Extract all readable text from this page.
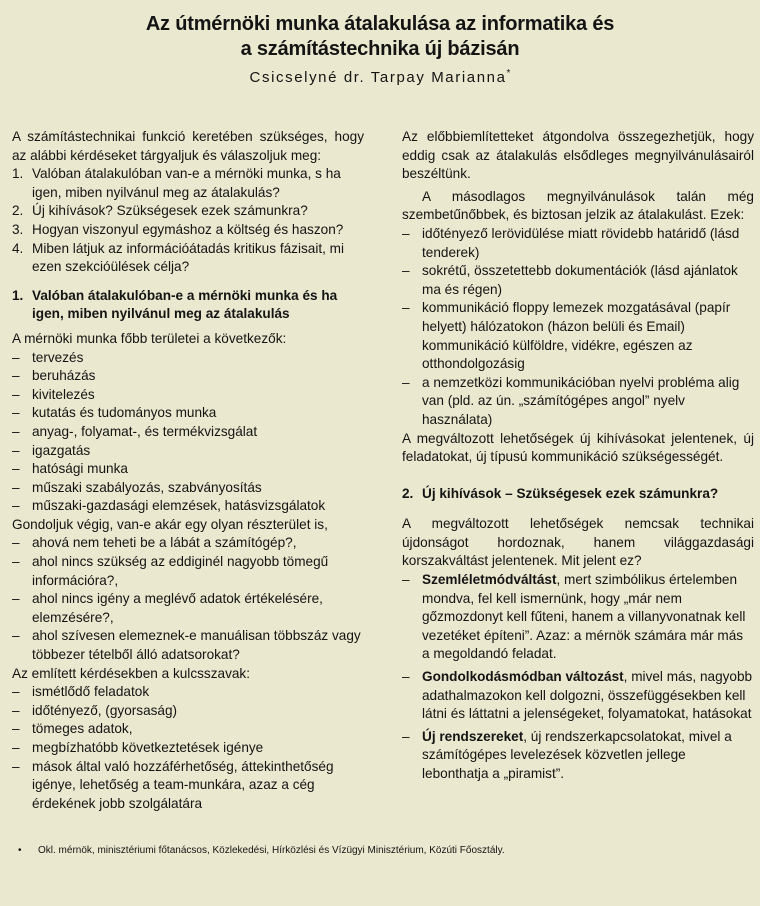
Az útmérnöki munka átalakulása az informatika és
a számítástechnika új bázisán
Csicselyné dr. Tarpay Marianna*

A számítástechnikai funkció keretében szükséges, hogy az alábbi kérdéseket tárgyaljuk és válaszoljuk meg:

1. Valóban átalakulóban van-e a mérnöki munka, s ha igen, miben nyilvánul meg az átalakulás?
2. Új kihívások? Szükségesek ezek számunkra?
3. Hogyan viszonyul egymáshoz a költség és haszon?
4. Miben látjuk az információátadás kritikus fázisait, mi ezen szekcióülések célja?
1. Valóban átalakulóban-e a mérnöki munka és ha igen, miben nyilvánul meg az átalakulás

A mérnöki munka főbb területei a következők:

– tervezés
– beruházás
– kivitelezés
– kutatás és tudományos munka
– anyag-, folyamat-, és termékvizsgálat
– igazgatás
– hatósági munka
– műszaki szabályozás, szabványosítás
– műszaki-gazdasági elemzések, hatásvizsgálatok

Gondoljuk végig, van-e akár egy olyan részterület is,

– ahová nem teheti be a lábát a számítógép?,
– ahol nincs szükség az eddiginél nagyobb tömegű információra?,
– ahol nincs igény a meglévő adatok értékelésére, elemzésére?,
– ahol szívesen elemeznek-e manuálisan többszáz vagy többezer tételből álló adatsorokat?

Az említett kérdésekben a kulcsszavak:

– ismétlődő feladatok
– időtényező, (gyorsaság)
– tömeges adatok,
– megbízhatóbb következtetések igénye
– mások által való hozzáférhetőség, áttekinthetőség igénye, lehetőség a team-munkára, azaz a cég érdekének jobb szolgálatára

Az előbbiemlítetteket átgondolva összegezhetjük, hogy eddig csak az átalakulás elsődleges megnyilvánulásairól beszéltünk.

A másodlagos megnyilvánulások talán még szembetűnőbbek, és biztosan jelzik az átalakulást. Ezek:

– időtényező lerövidülése miatt rövidebb határidő (lásd tenderek)
– sokrétű, összetettebb dokumentációk (lásd ajánlatok ma és régen)
– kommunikáció floppy lemezek mozgatásával (papír helyett) hálózatokon (házon belüli és Email) kommunikáció külföldre, vidékre, egészen az otthondolgozásig
– a nemzetközi kommunikációban nyelvi probléma alig van (pld. az ún. „számítógépes angol” nyelv használata)

A megváltozott lehetőségek új kihívásokat jelentenek, új feladatokat, új típusú kommunikáció szükségességét.

2. Új kihívások – Szükségesek ezek számunkra?

A megváltozott lehetőségek nemcsak technikai újdonságot hordoznak, hanem világgazdasági korszakváltást jelentenek. Mit jelent ez?

– Szemléletmódváltást, mert szimbólikus értelemben mondva, fel kell ismernünk, hogy „már nem gőzmozdonyt kell fűteni, hanem a villanyvonatnak kell vezetéket építeni”. Azaz: a mérnök számára már más a megoldandó feladat.
– Gondolkodásmódban változást, mivel más, nagyobb adathalmazokon kell dolgozni, összefüggésekben kell látni és láttatni a jelenségeket, folyamatokat, hatásokat
– Új rendszereket, új rendszerkapcsolatokat, mivel a számítógépes levelezések közvetlen jellege lebonthatja a „piramist”.
• Okl. mérnök, minisztériumi főtanácsos, Közlekedési, Hírközlési és Vízügyi Minisztérium, Közúti Főosztály.
